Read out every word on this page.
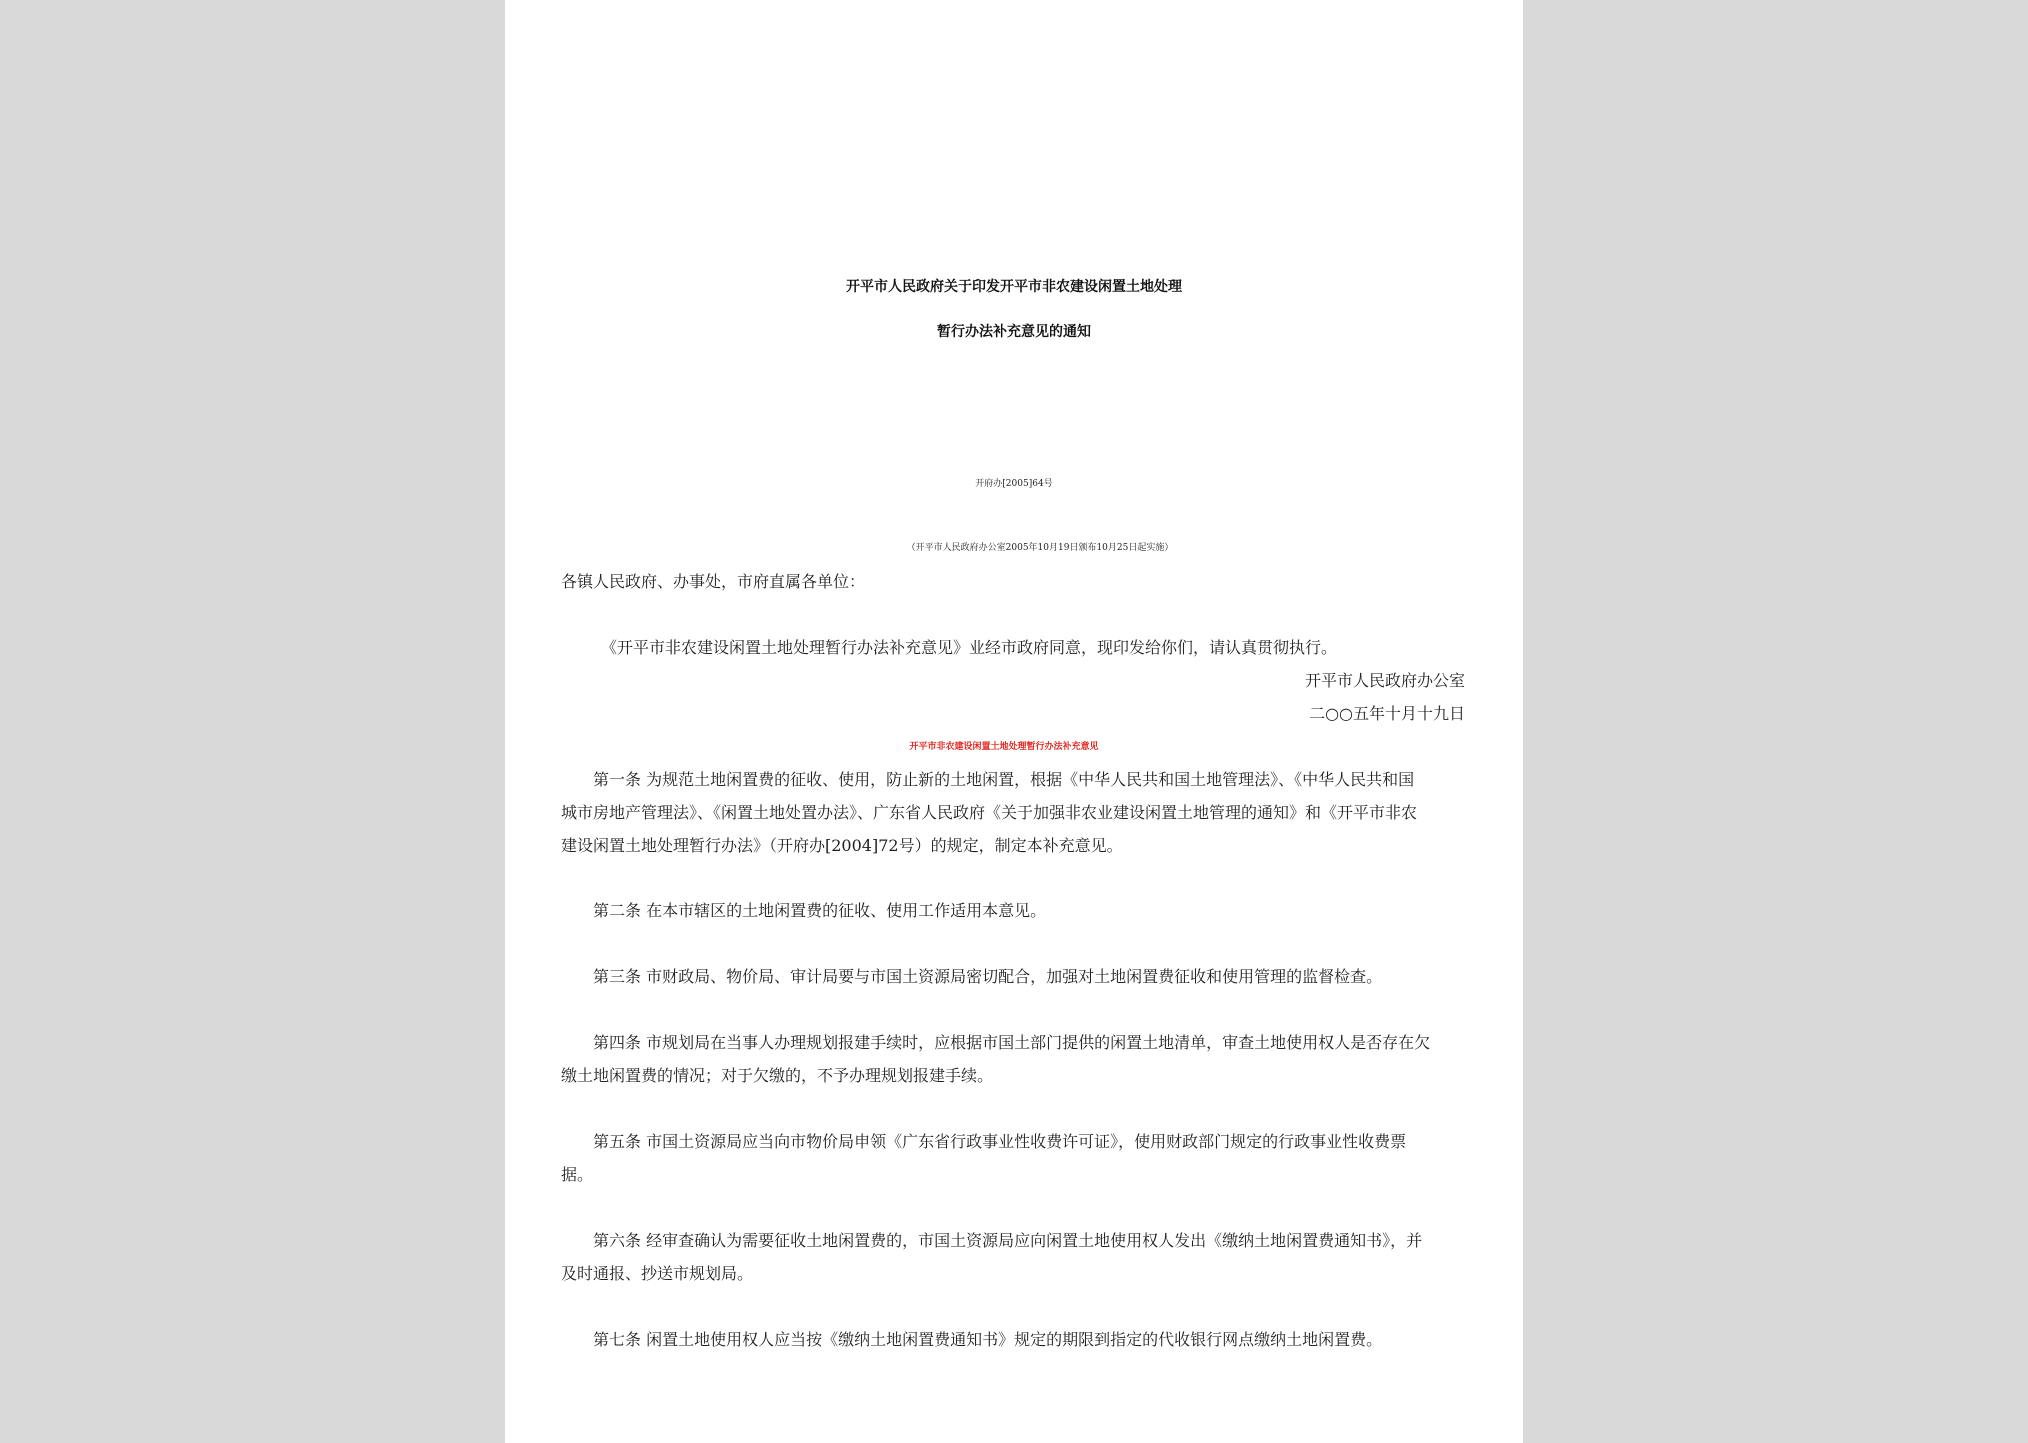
开平市人民政府关于印发开平市非农建设闲置土地处理
暂行办法补充意见的通知
开府办[2005]64号
（开平市人民政府办公室2005年10月19日颁布10月25日起实施）
各镇人民政府、办事处，市府直属各单位：
《开平市非农建设闲置土地处理暂行办法补充意见》业经市政府同意，现印发给你们，请认真贯彻执行。
开平市人民政府办公室
二○○五年十月十九日
开平市非农建设闲置土地处理暂行办法补充意见
第一条 为规范土地闲置费的征收、使用，防止新的土地闲置，根据《中华人民共和国土地管理法》、《中华人民共和国
城市房地产管理法》、《闲置土地处置办法》、广东省人民政府《关于加强非农业建设闲置土地管理的通知》和《开平市非农
建设闲置土地处理暂行办法》（开府办[2004]72号）的规定，制定本补充意见。
第二条 在本市辖区的土地闲置费的征收、使用工作适用本意见。
第三条 市财政局、物价局、审计局要与市国土资源局密切配合，加强对土地闲置费征收和使用管理的监督检查。
第四条 市规划局在当事人办理规划报建手续时，应根据市国土部门提供的闲置土地清单，审查土地使用权人是否存在欠
缴土地闲置费的情况；对于欠缴的，不予办理规划报建手续。
第五条 市国土资源局应当向市物价局申领《广东省行政事业性收费许可证》，使用财政部门规定的行政事业性收费票
据。
第六条 经审查确认为需要征收土地闲置费的，市国土资源局应向闲置土地使用权人发出《缴纳土地闲置费通知书》，并
及时通报、抄送市规划局。
第七条 闲置土地使用权人应当按《缴纳土地闲置费通知书》规定的期限到指定的代收银行网点缴纳土地闲置费。
